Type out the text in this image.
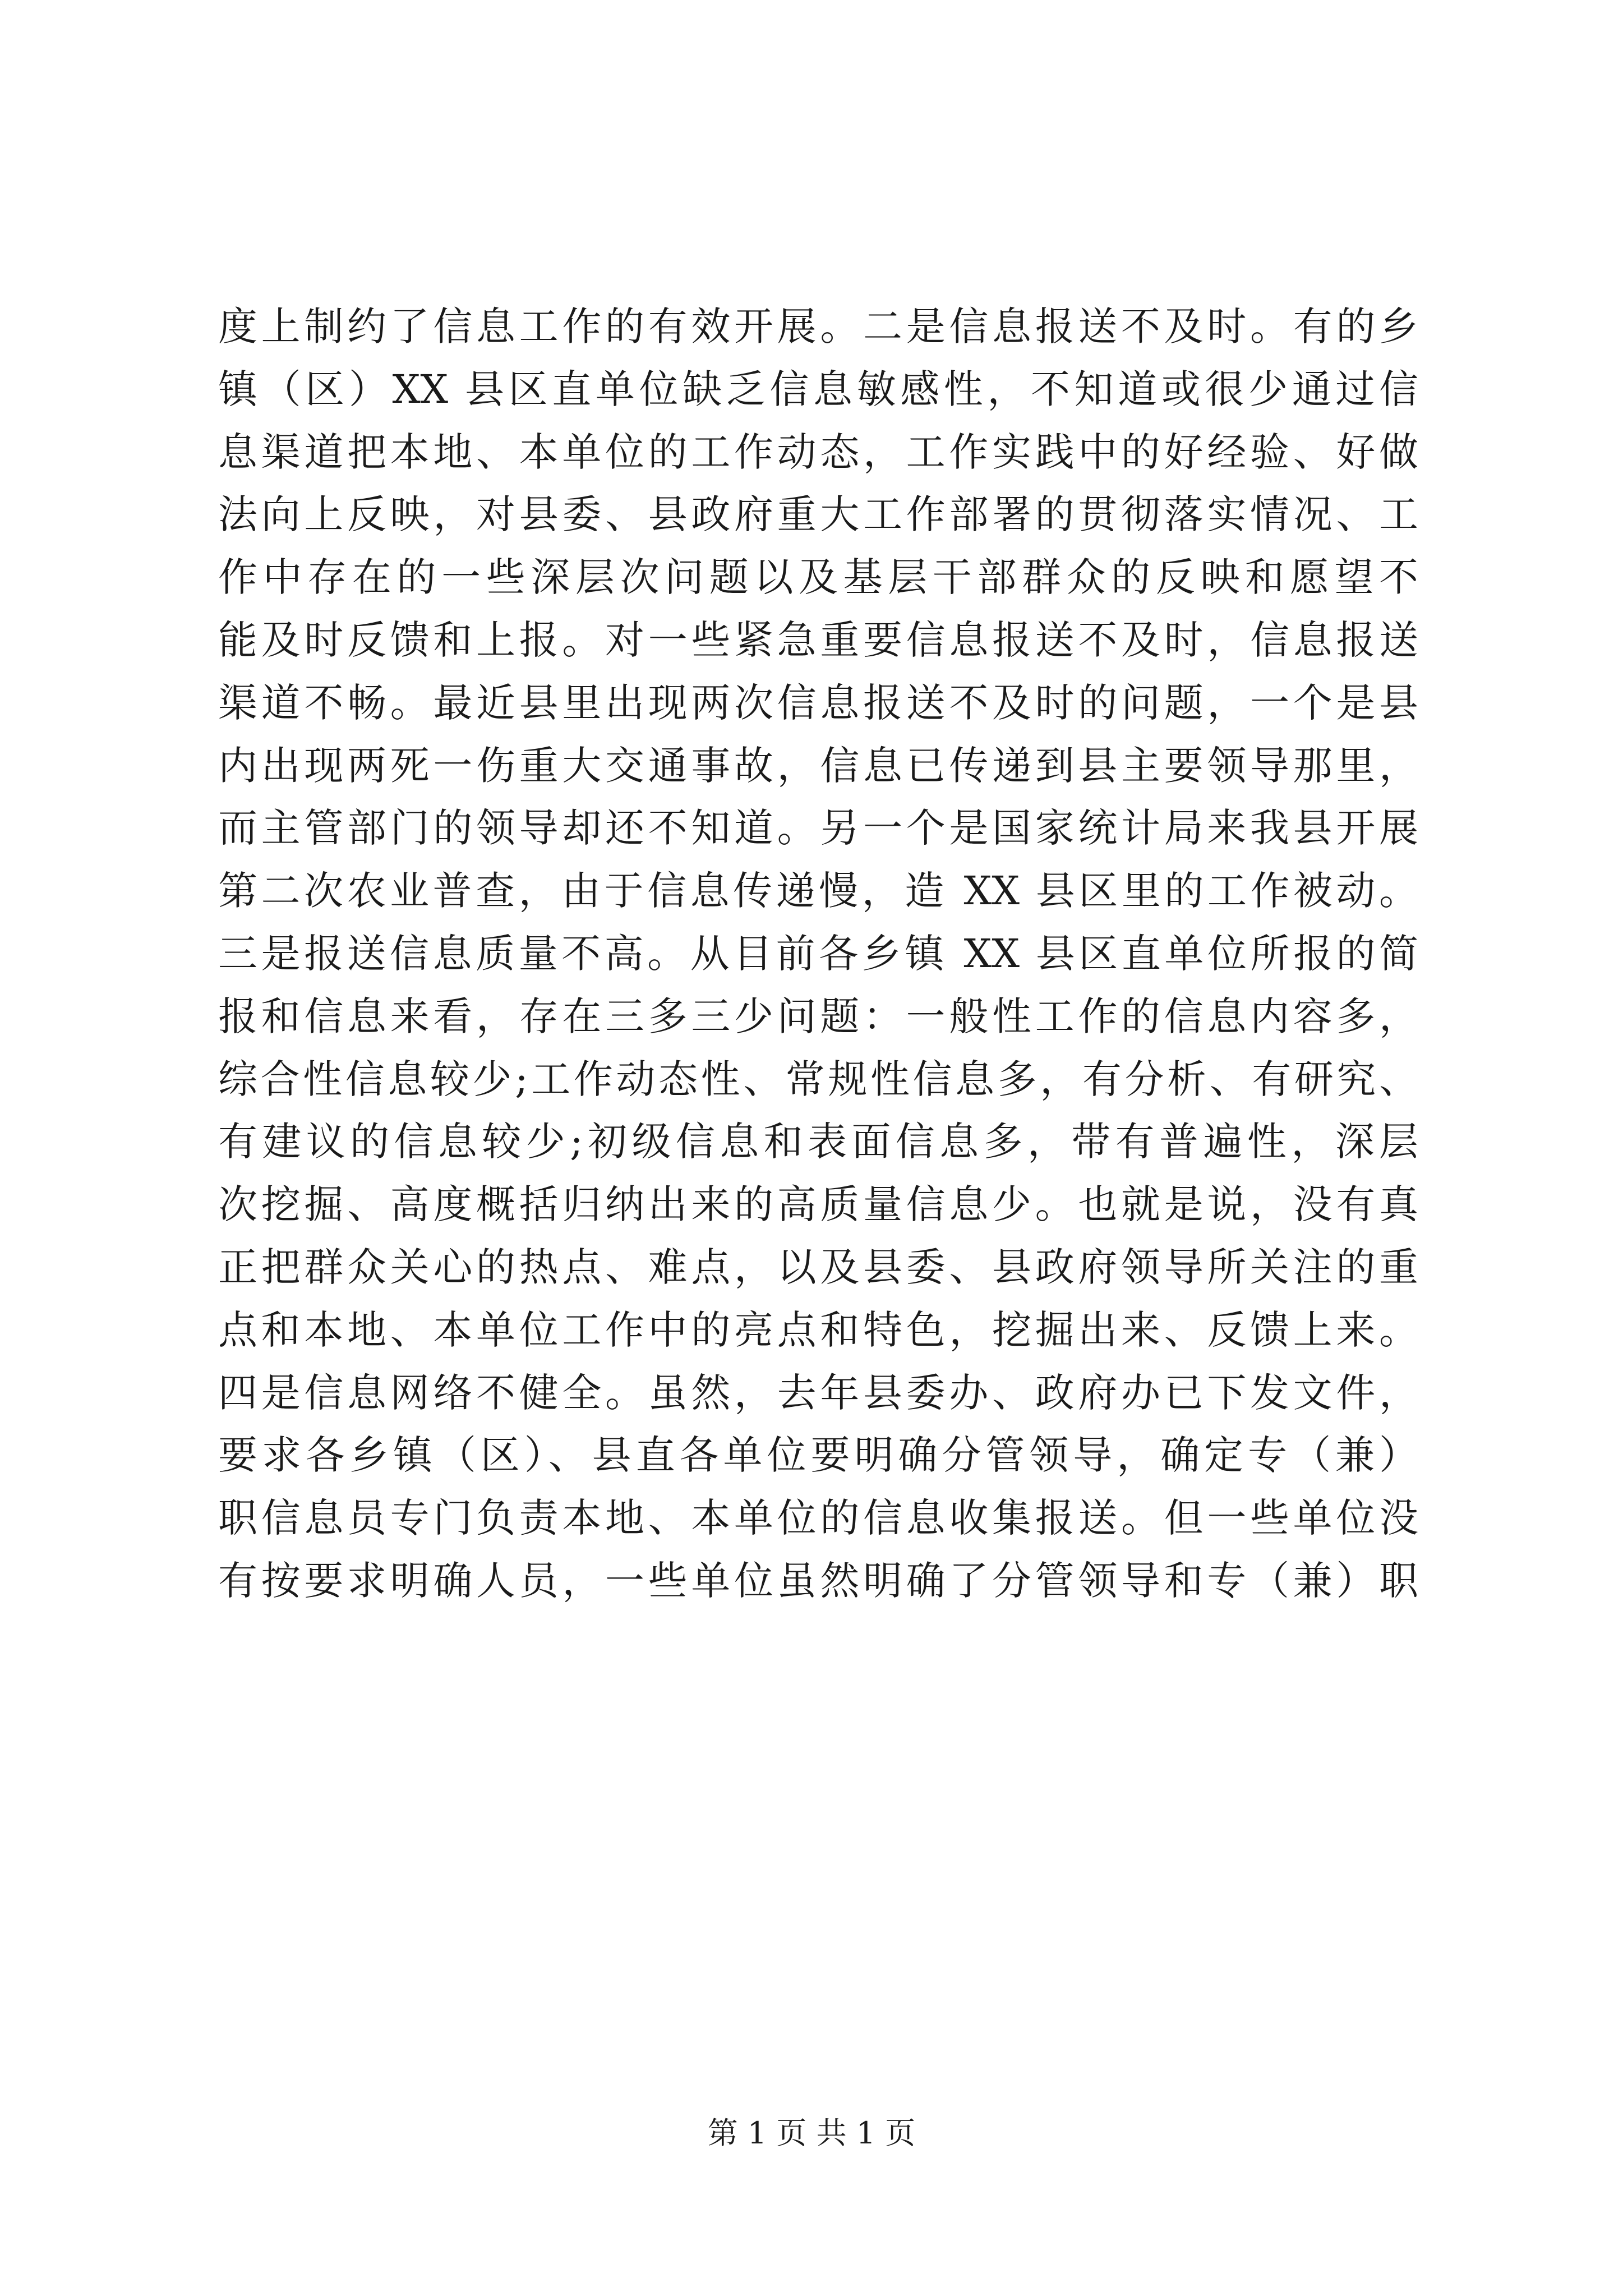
度上制约了信息工作的有效开展。二是信息报送不及时。有的乡
镇（区）XX 县区直单位缺乏信息敏感性，不知道或很少通过信
息渠道把本地、本单位的工作动态，工作实践中的好经验、好做
法向上反映，对县委、县政府重大工作部署的贯彻落实情况、工
作中存在的一些深层次问题以及基层干部群众的反映和愿望不
能及时反馈和上报。对一些紧急重要信息报送不及时，信息报送
渠道不畅。最近县里出现两次信息报送不及时的问题，一个是县
内出现两死一伤重大交通事故，信息已传递到县主要领导那里，
而主管部门的领导却还不知道。另一个是国家统计局来我县开展
第二次农业普查，由于信息传递慢，造 XX 县区里的工作被动。
三是报送信息质量不高。从目前各乡镇 XX 县区直单位所报的简
报和信息来看，存在三多三少问题：一般性工作的信息内容多，
综合性信息较少;工作动态性、常规性信息多，有分析、有研究、
有建议的信息较少;初级信息和表面信息多，带有普遍性，深层
次挖掘、高度概括归纳出来的高质量信息少。也就是说，没有真
正把群众关心的热点、难点，以及县委、县政府领导所关注的重
点和本地、本单位工作中的亮点和特色，挖掘出来、反馈上来。
四是信息网络不健全。虽然，去年县委办、政府办已下发文件，
要求各乡镇（区）、县直各单位要明确分管领导，确定专（兼）
职信息员专门负责本地、本单位的信息收集报送。但一些单位没
有按要求明确人员，一些单位虽然明确了分管领导和专（兼）职
第 1 页 共 1 页
